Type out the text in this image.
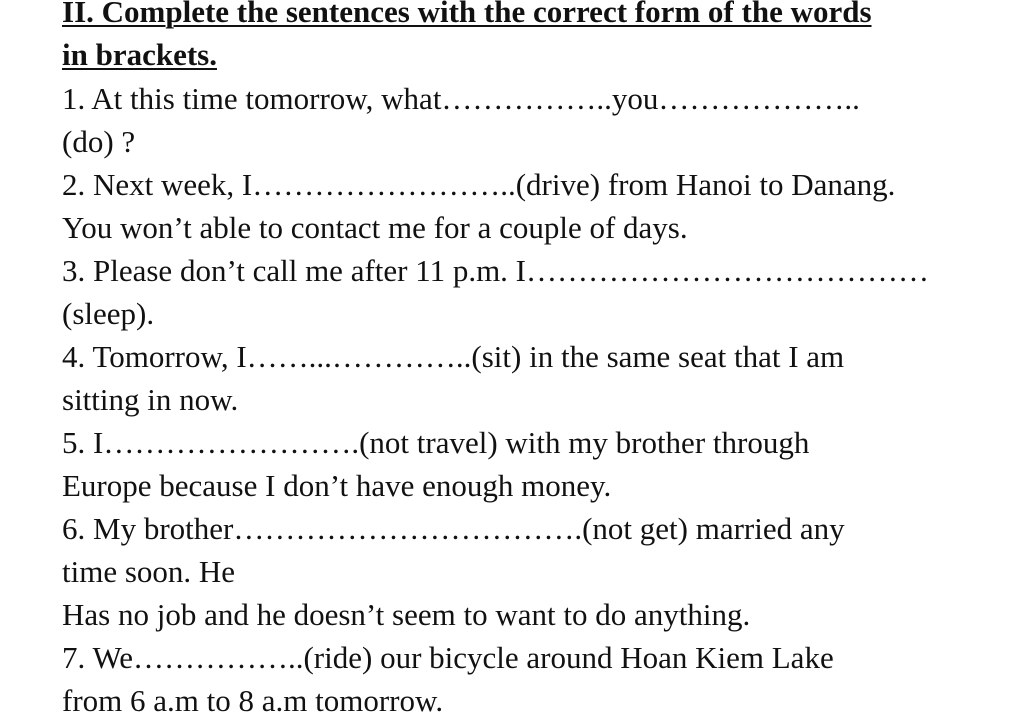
II. Complete the sentences with the correct form of the words

in brackets.

1. At this time tomorrow, what……………..you………………..

(do) ?

2. Next week, I……………………..(drive) from Hanoi to Danang.

You won’t able to contact me for a couple of days.

3. Please don’t call me after 11 p.m. I…………………………………

(sleep).

4. Tomorrow, I……...…………..(sit) in the same seat that I am

sitting in now.

5. I…………………….(not travel) with my brother through

Europe because I don’t have enough money.

6. My brother…………………………….(not get) married any

time soon. He

Has no job and he doesn’t seem to want to do anything.

7. We……………..(ride) our bicycle around Hoan Kiem Lake

from 6 a.m to 8 a.m tomorrow.
